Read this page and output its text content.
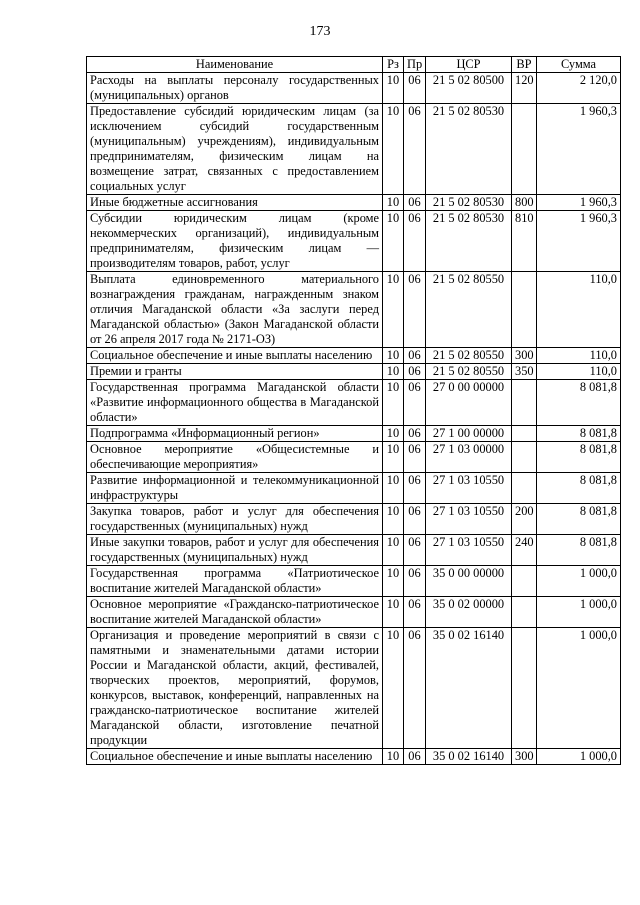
173
Наименование	Рз	Пр	ЦСР	ВР	Сумма
Расходы на выплаты персоналу государственных (муниципальных) органов	10	06	21 5 02 80500	120	2 120,0
Предоставление субсидий юридическим лицам (за исключением субсидий государственным (муниципальным) учреждениям), индивидуальным предпринимателям, физическим лицам на возмещение затрат, связанных с предоставлением социальных услуг	10	06	21 5 02 80530		1 960,3
Иные бюджетные ассигнования	10	06	21 5 02 80530	800	1 960,3
Субсидии юридическим лицам (кроме некоммерческих организаций), индивидуальным предпринимателям, физическим лицам — производителям товаров, работ, услуг	10	06	21 5 02 80530	810	1 960,3
Выплата единовременного материального вознаграждения гражданам, награжденным знаком отличия Магаданской области «За заслуги перед Магаданской областью» (Закон Магаданской области от 26 апреля 2017 года № 2171-ОЗ)	10	06	21 5 02 80550		110,0
Социальное обеспечение и иные выплаты населению	10	06	21 5 02 80550	300	110,0
Премии и гранты	10	06	21 5 02 80550	350	110,0
Государственная программа Магаданской области «Развитие информационного общества в Магаданской области»	10	06	27 0 00 00000		8 081,8
Подпрограмма «Информационный регион»	10	06	27 1 00 00000		8 081,8
Основное мероприятие «Общесистемные и обеспечивающие мероприятия»	10	06	27 1 03 00000		8 081,8
Развитие информационной и телекоммуникационной инфраструктуры	10	06	27 1 03 10550		8 081,8
Закупка товаров, работ и услуг для обеспечения государственных (муниципальных) нужд	10	06	27 1 03 10550	200	8 081,8
Иные закупки товаров, работ и услуг для обеспечения государственных (муниципальных) нужд	10	06	27 1 03 10550	240	8 081,8
Государственная программа «Патриотическое воспитание жителей Магаданской области»	10	06	35 0 00 00000		1 000,0
Основное мероприятие «Гражданско-патриотическое воспитание жителей Магаданской области»	10	06	35 0 02 00000		1 000,0
Организация и проведение мероприятий в связи с памятными и знаменательными датами истории России и Магаданской области, акций, фестивалей, творческих проектов, мероприятий, форумов, конкурсов, выставок, конференций, направленных на гражданско-патриотическое воспитание жителей Магаданской области, изготовление печатной продукции	10	06	35 0 02 16140		1 000,0
Социальное обеспечение и иные выплаты населению	10	06	35 0 02 16140	300	1 000,0
